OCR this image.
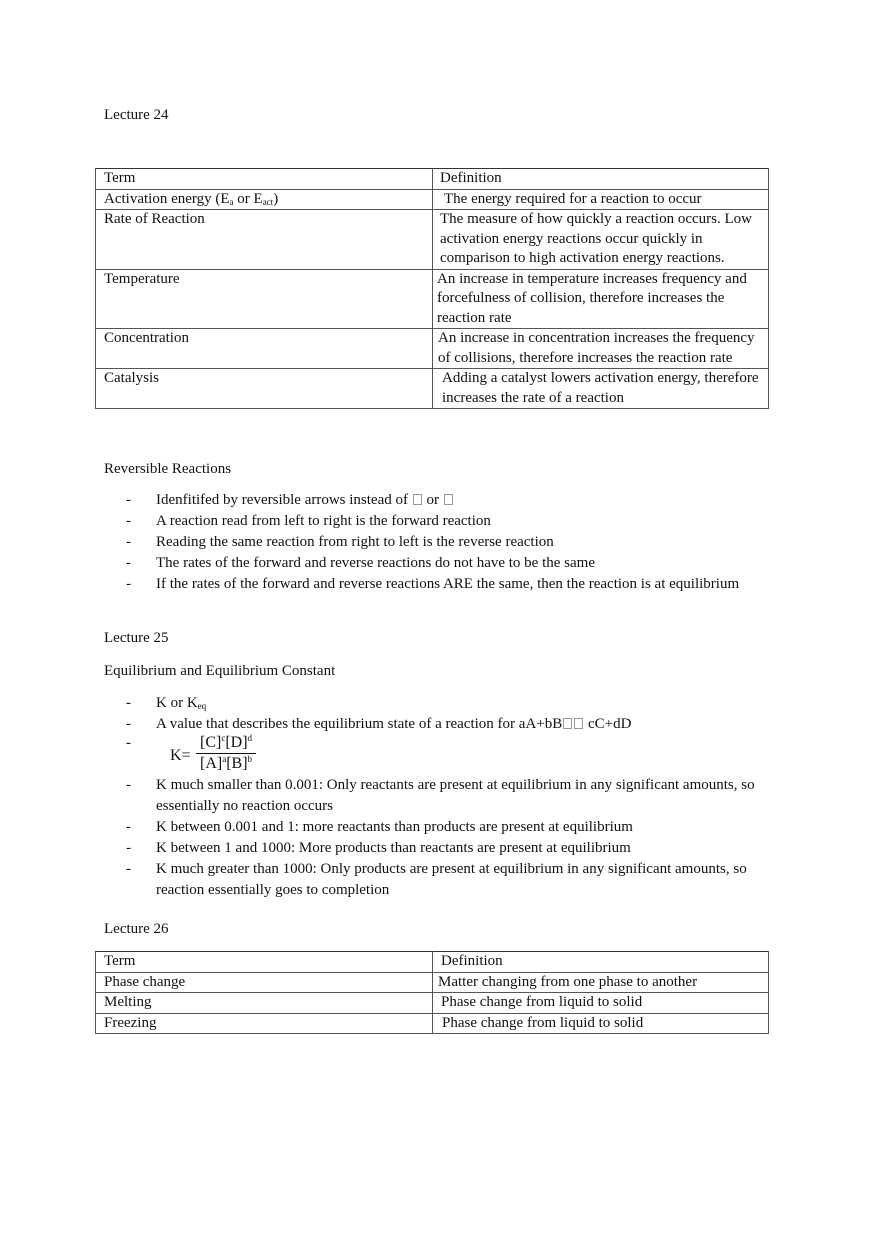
Lecture 24
Term	Definition
Activation energy ($E_a$ or $E_{act}$)	The energy required for a reaction to occur
Rate of Reaction	The measure of how quickly a reaction occurs. Low activation energy reactions occur quickly in comparison to high activation energy reactions.
Temperature	An increase in temperature increases frequency and forcefulness of collision, therefore increases the reaction rate
Concentration	An increase in concentration increases the frequency of collisions, therefore increases the reaction rate
Catalysis	Adding a catalyst lowers activation energy, therefore increases the rate of a reaction
Reversible Reactions
- Idenfitifed by reversible arrows instead of  or
- A reaction read from left to right is the forward reaction
- Reading the same reaction from right to left is the reverse reaction
- The rates of the forward and reverse reactions do not have to be the same
- If the rates of the forward and reverse reactions ARE the same, then the reaction is at equilibrium
Lecture 25
Equilibrium and Equilibrium Constant
- K or $K_{eq}$
- A value that describes the equilibrium state of a reaction for aA+bB cC+dD
- $K= \frac{[C]^c[D]^d}{[A]^a[B]^b}$
- K much smaller than 0.001: Only reactants are present at equilibrium in any significant amounts, so essentially no reaction occurs
- K between 0.001 and 1: more reactants than products are present at equilibrium
- K between 1 and 1000: More products than reactants are present at equilibrium
- K much greater than 1000: Only products are present at equilibrium in any significant amounts, so reaction essentially goes to completion
Lecture 26
Term	Definition
Phase change	Matter changing from one phase to another
Melting	Phase change from liquid to solid
Freezing	Phase change from liquid to solid
